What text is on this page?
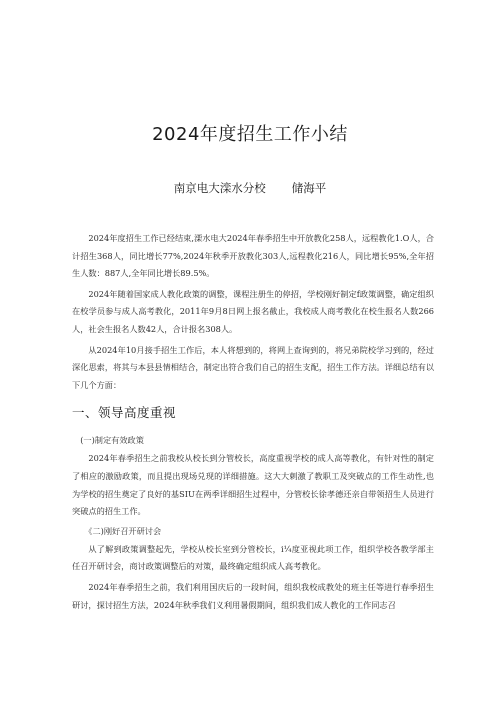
2024年度招生工作小结
南京电大滦水分校 储海平

2024年度招生工作已经结束,溧水电大2024年春季招生中开放教化258人，远程教化1.O人，合计招生368人，同比增长77%,2024年秋季开放教化303人,远程教化216人，同比增长95%,全年招生人数：887人,全年同比增长89.5%。

2024年随着国家成人教化政策的调整，课程注册生的停招，学校刚好制定f政策调整，确定组织在校学员参与成人高考教化，2011年9月8日网上报名截止，我校成人商考教化在校生报名人数266人，社会生报名人数42人，合计报名308人。

从2024年10月接手招生工作后，本人将想到的，将网上查询到的，将兄弟院校学习到的，经过深化思索，将其与本县县情相结合，制定出符合我们自己的招生支配，招生工作方法。详细总结有以下几个方面：

一、领导高度重视
(一)制定有效政策

2024年春季招生之前我校从校长到分管校长，高度重视学校的成人高等教化，有针对性的制定了相应的激励政策，而且提出现场兑现的详细措施。这大大刺激了教职工及突破点的工作生动性,也为学校的招生奠定了良好的基SIU在两季详细招生过程中，分管校长徐孝德还亲自带领招生人员进行突破点的招生工作。

《二)刚好召开研讨会

从了解到政策调整起先，学校从校长室到分管校长，i¼度亚视此项工作，组织学校各教学部主任召开研讨会，商讨政策调整后的对策，最终确定组织成人高考教化。

2024年春季招生之前，我们利用国庆后的一段时间，组织我校成教处的班主任等进行春季招生研讨，探讨招生方法，2024年秋季我们义利用暑假期间，组织我们成人教化的工作同志召
